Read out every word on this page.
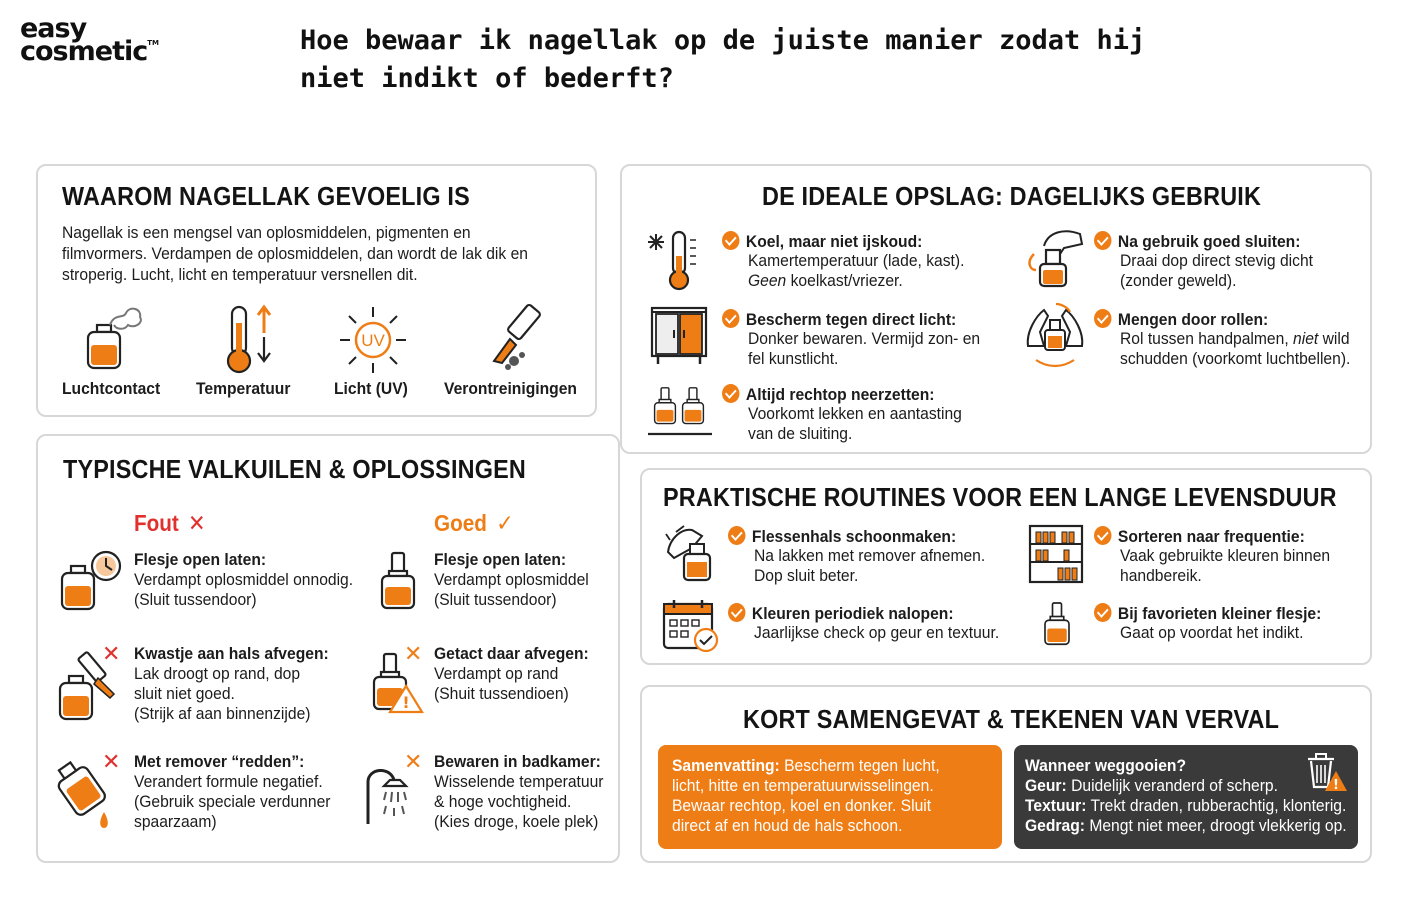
easy
cosmetic™	Hoe bewaar ik nagellak op de juiste manier zodat hij niet indikt of bederft?
WAAROM NAGELLAK GEVOELIG IS
Nagellak is een mengsel van oplosmiddelen, pigmenten en
filmvormers. Verdampen de oplosmiddelen, dan wordt de lak dik en
stroperig. Lucht, licht en temperatuur versnellen dit.
UV
Luchtcontact Temperatuur	Licht (UV) Verontreinigingen
TYPISCHE VALKUILEN & OPLOSSINGEN
Fout ✕	Goed ✓
Flesje open laten:
Verdampt oplosmiddel onnodig.
(Sluit tussendoor)
Flesje open laten:
Verdampt oplosmiddel
(Sluit tussendoor)
✕ Kwastje aan hals afvegen:
Lak droogt op rand, dop
sluit niet goed.
(Strijk af aan binnenzijde)
✕
!
Getact daar afvegen:
Verdampt op rand
(Shuit tussendioen)
✕ Met remover “redden”:
Verandert formule negatief.
(Gebruik speciale verdunner
spaarzaam)
✕ Bewaren in badkamer:
Wisselende temperatuur
& hoge vochtigheid.
(Kies droge, koele plek)
DE IDEALE OPSLAG: DAGELIJKS GEBRUIK
Koel, maar niet ijskoud:
Kamertemperatuur (lade, kast).
Geen koelkast/vriezer.
Na gebruik goed sluiten:
Draai dop direct stevig dicht
(zonder geweld).
Bescherm tegen direct licht:
Donker bewaren. Vermijd zon- en
fel kunstlicht.
Mengen door rollen:
Rol tussen handpalmen, niet wild
schudden (voorkomt luchtbellen).
Altijd rechtop neerzetten:
Voorkomt lekken en aantasting
van de sluiting.
PRAKTISCHE ROUTINES VOOR EEN LANGE LEVENSDUUR
Flessenhals schoonmaken:
Na lakken met remover afnemen.
Dop sluit beter.
Sorteren naar frequentie:
Vaak gebruikte kleuren binnen
handbereik.
Kleuren periodiek nalopen:
Jaarlijkse check op geur en textuur.
Bij favorieten kleiner flesje:
Gaat op voordat het indikt.
KORT SAMENGEVAT & TEKENEN VAN VERVAL
Samenvatting: Bescherm tegen lucht,
licht, hitte en temperatuurwisselingen.
Bewaar rechtop, koel en donker. Sluit
direct af en houd de hals schoon.
Wanneer weggooien?
Geur: Duidelijk veranderd of scherp.
Textuur: Trekt draden, rubberachtig, klonterig.
Gedrag: Mengt niet meer, droogt vlekkerig op.
!
